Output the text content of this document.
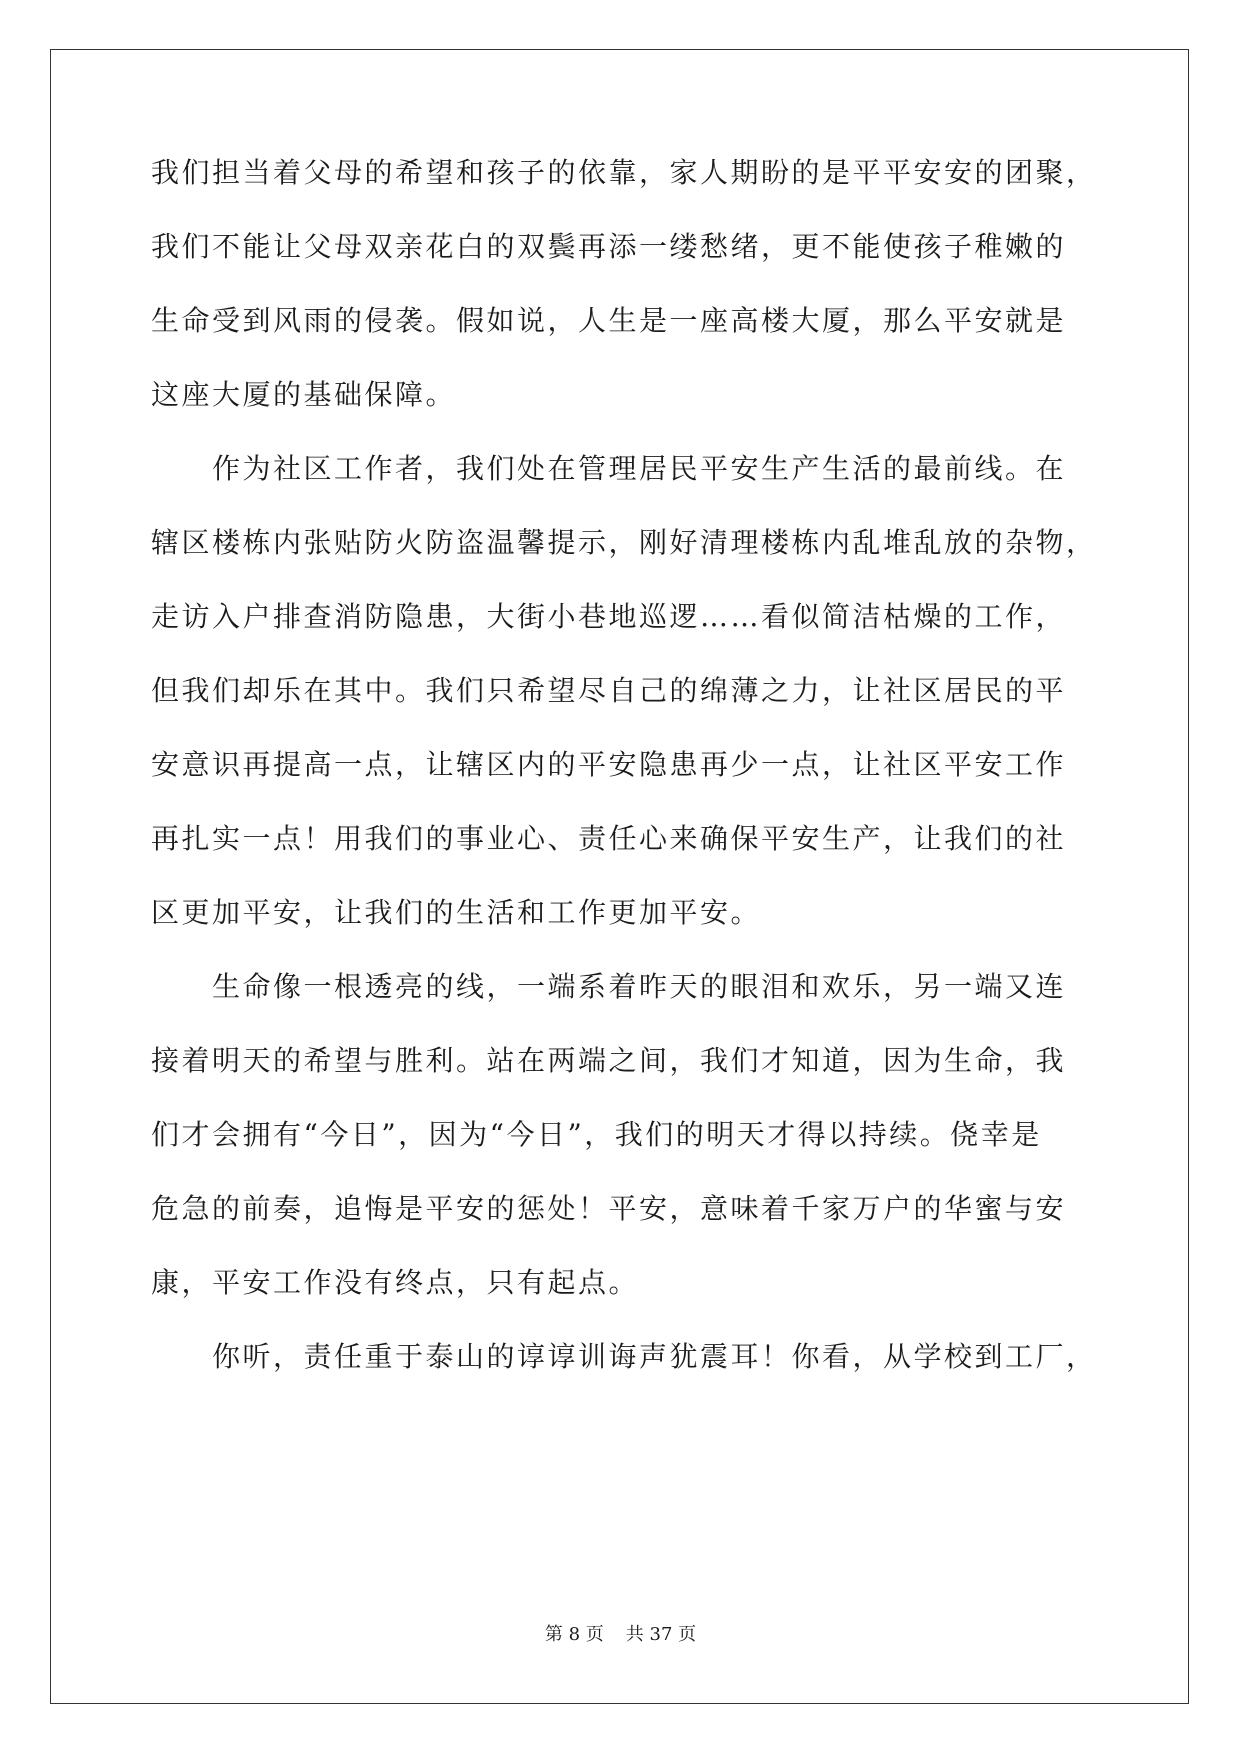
我们担当着父母的希望和孩子的依靠，家人期盼的是平平安安的团聚，
我们不能让父母双亲花白的双鬓再添一缕愁绪，更不能使孩子稚嫩的
生命受到风雨的侵袭。假如说，人生是一座高楼大厦，那么平安就是
这座大厦的基础保障。
　　作为社区工作者，我们处在管理居民平安生产生活的最前线。在
辖区楼栋内张贴防火防盗温馨提示，刚好清理楼栋内乱堆乱放的杂物，
走访入户排查消防隐患，大街小巷地巡逻……看似简洁枯燥的工作，
但我们却乐在其中。我们只希望尽自己的绵薄之力，让社区居民的平
安意识再提高一点，让辖区内的平安隐患再少一点，让社区平安工作
再扎实一点！用我们的事业心、责任心来确保平安生产，让我们的社
区更加平安，让我们的生活和工作更加平安。
　　生命像一根透亮的线，一端系着昨天的眼泪和欢乐，另一端又连
接着明天的希望与胜利。站在两端之间，我们才知道，因为生命，我
们才会拥有“今日”，因为“今日”，我们的明天才得以持续。侥幸是
危急的前奏，追悔是平安的惩处！平安，意味着千家万户的华蜜与安
康，平安工作没有终点，只有起点。
　　你听，责任重于泰山的谆谆训诲声犹震耳！你看，从学校到工厂，
第 8 页 共 37 页
